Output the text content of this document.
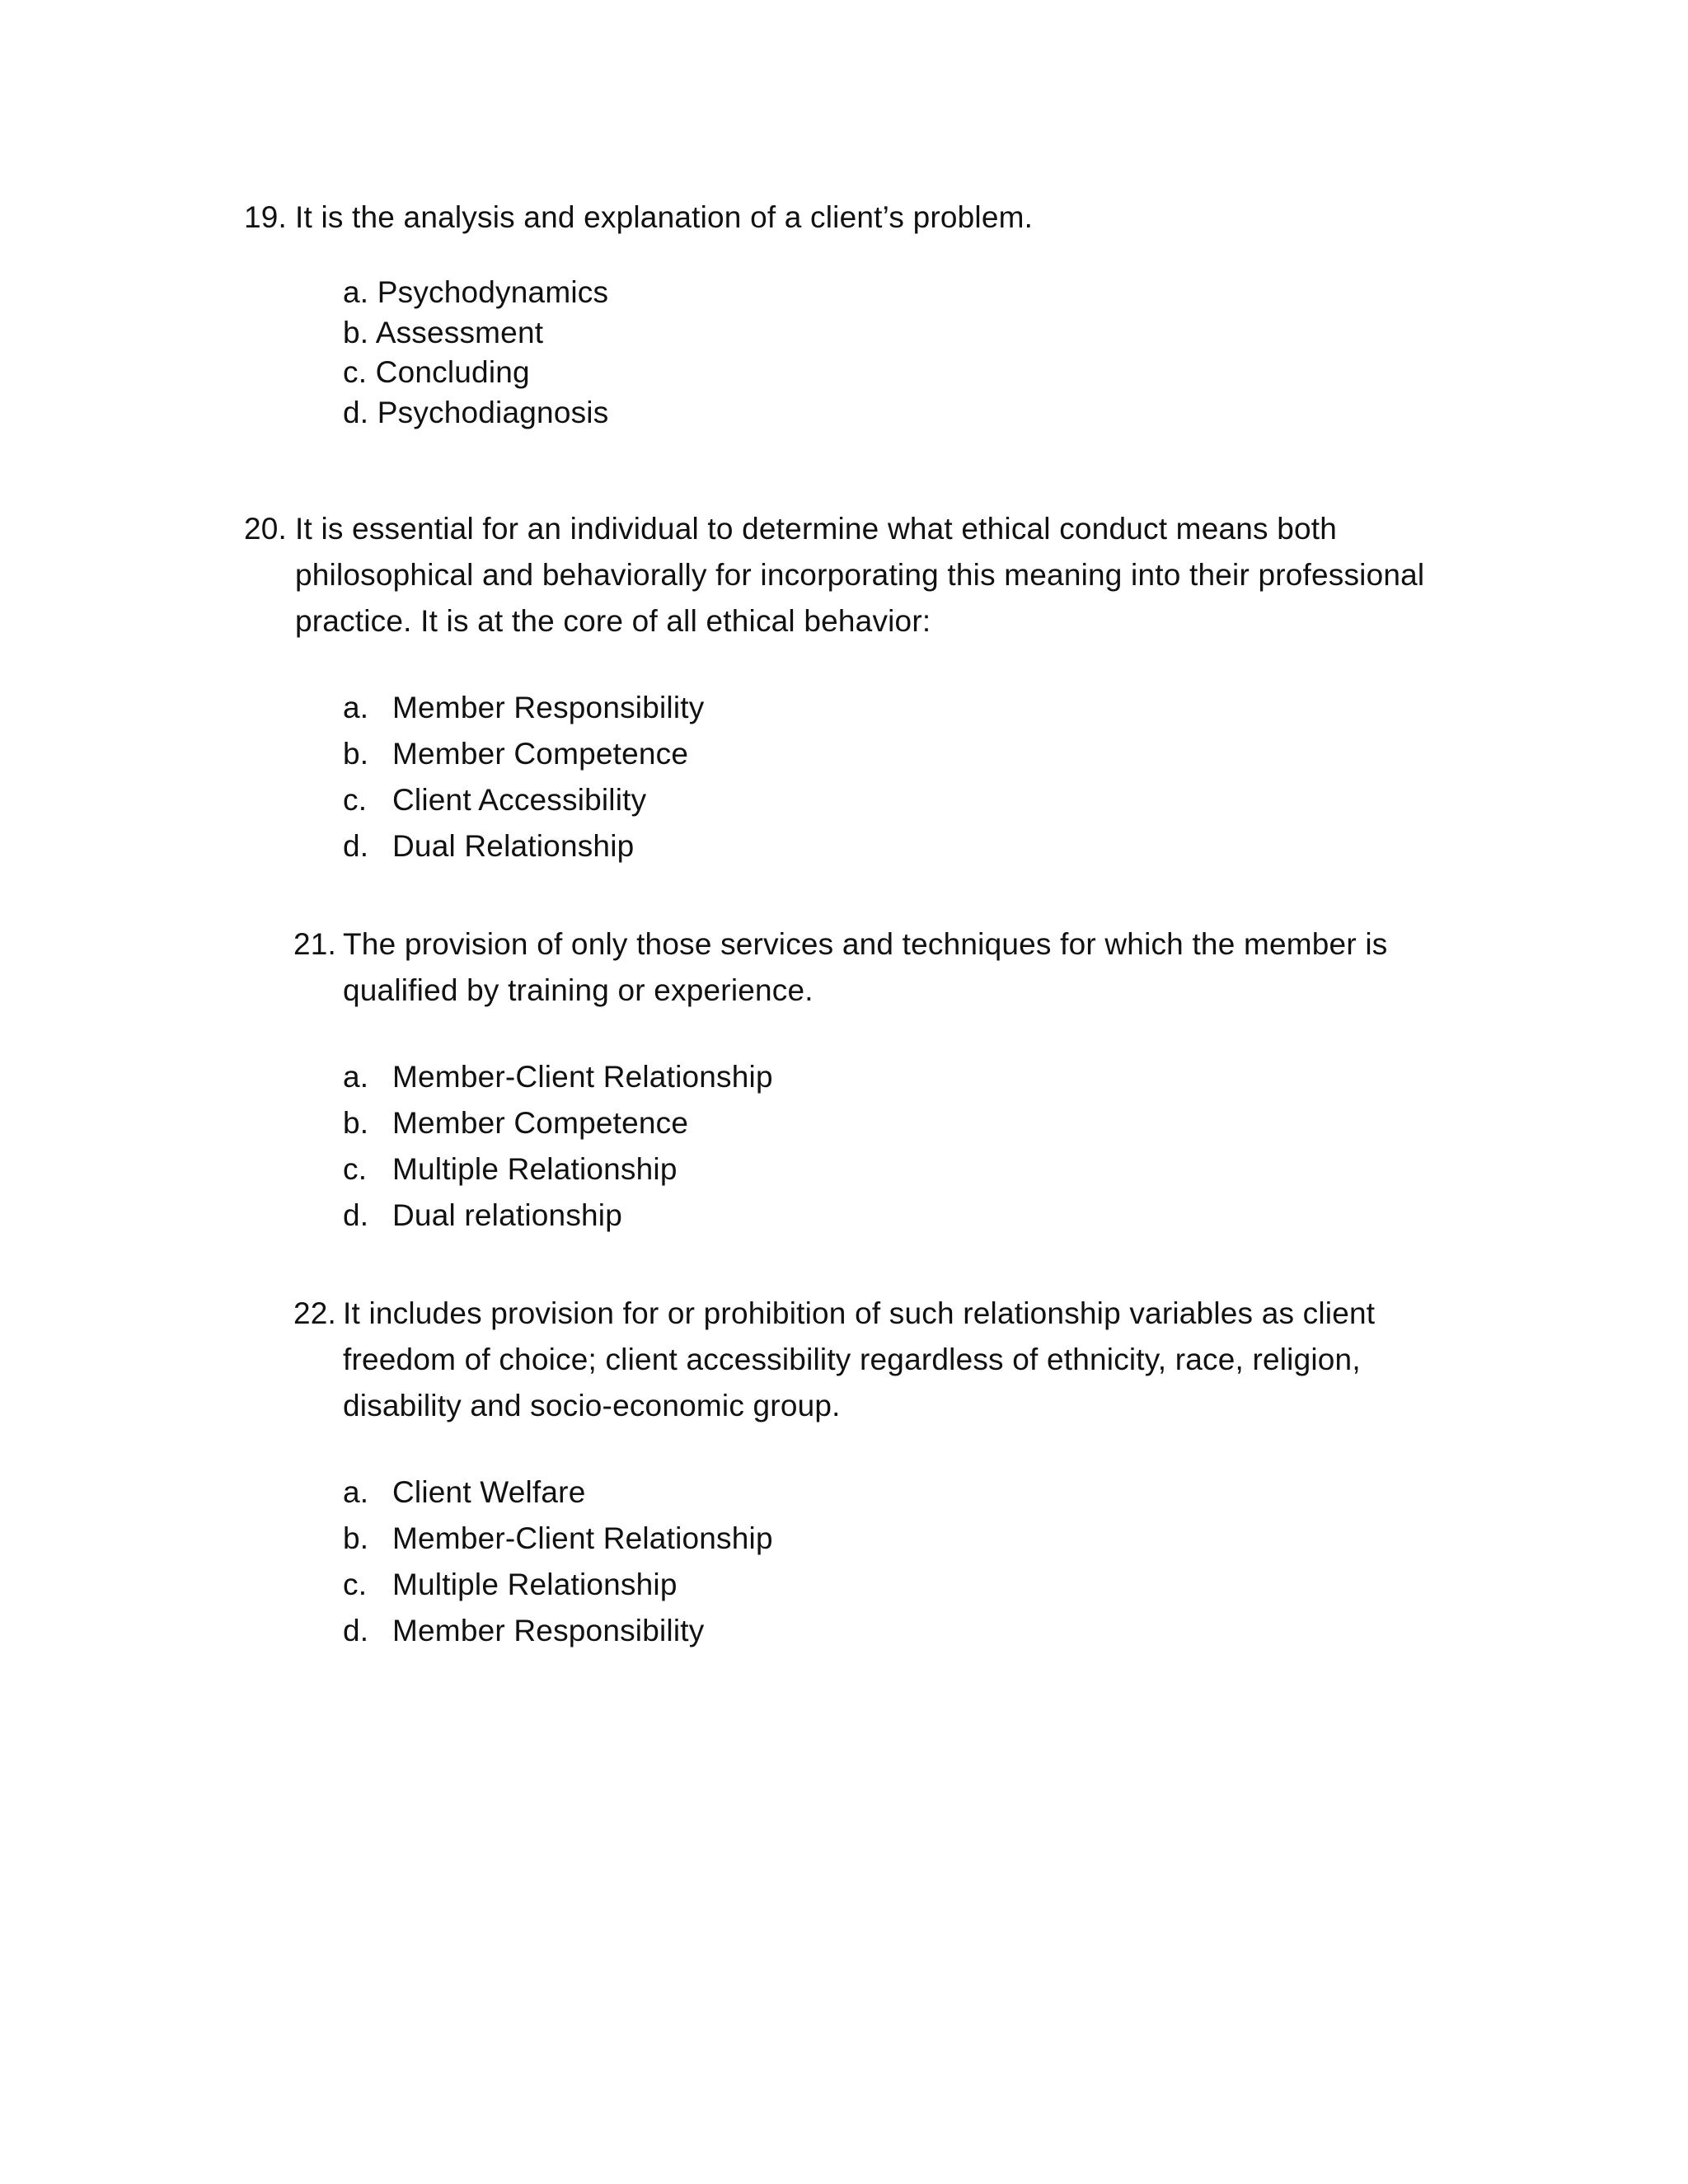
19. It is the analysis and explanation of a client’s problem.
a. Psychodynamics
b. Assessment
c. Concluding
d. Psychodiagnosis
20. It is essential for an individual to determine what ethical conduct means both philosophical and behaviorally for incorporating this meaning into their professional practice. It is at the core of all ethical behavior:
a. Member Responsibility
b. Member Competence
c. Client Accessibility
d. Dual Relationship
21. The provision of only those services and techniques for which the member is qualified by training or experience.
a. Member-Client Relationship
b. Member Competence
c. Multiple Relationship
d. Dual relationship
22. It includes provision for or prohibition of such relationship variables as client freedom of choice; client accessibility regardless of ethnicity, race, religion, disability and socio-economic group.
a. Client Welfare
b. Member-Client Relationship
c. Multiple Relationship
d. Member Responsibility
